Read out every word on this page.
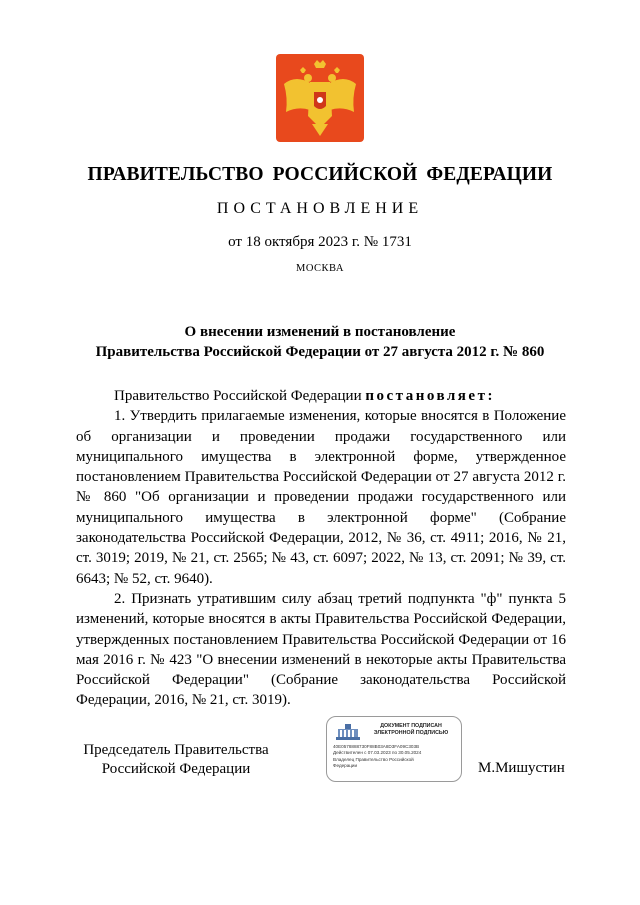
ПРАВИТЕЛЬСТВО РОССИЙСКОЙ ФЕДЕРАЦИИ
ПОСТАНОВЛЕНИЕ
от 18 октября 2023 г. № 1731
МОСКВА
О внесении изменений в постановление
Правительства Российской Федерации от 27 августа 2012 г. № 860

Правительство Российской Федерации постановляет:

1. Утвердить прилагаемые изменения, которые вносятся в Положение об организации и проведении продажи государственного или муниципального имущества в электронной форме, утвержденное постановлением Правительства Российской Федерации от 27 августа 2012 г. № 860 "Об организации и проведении продажи государственного или муниципального имущества в электронной форме" (Собрание законодательства Российской Федерации, 2012, № 36, ст. 4911; 2016, № 21, ст. 3019; 2019, № 21, ст. 2565; № 43, ст. 6097; 2022, № 13, ст. 2091; № 39, ст. 6643; № 52, ст. 9640).

2. Признать утратившим силу абзац третий подпункта "ф" пункта 5 изменений, которые вносятся в акты Правительства Российской Федерации, утвержденных постановлением Правительства Российской Федерации от 16 мая 2016 г. № 423 "О внесении изменений в некоторые акты Правительства Российской Федерации" (Собрание законодательства Российской Федерации, 2016, № 21, ст. 3019).

Председатель Правительства
Российской Федерации
ДОКУМЕНТ ПОДПИСАН
ЭЛЕКТРОННОЙ ПОДПИСЬЮ
40E0578888730F88B03A8D3FA09C303B
Действителен с 07.03.2023 по 30.05.2024
Владелец Правительство Российской
Федерации	М.Мишустин
